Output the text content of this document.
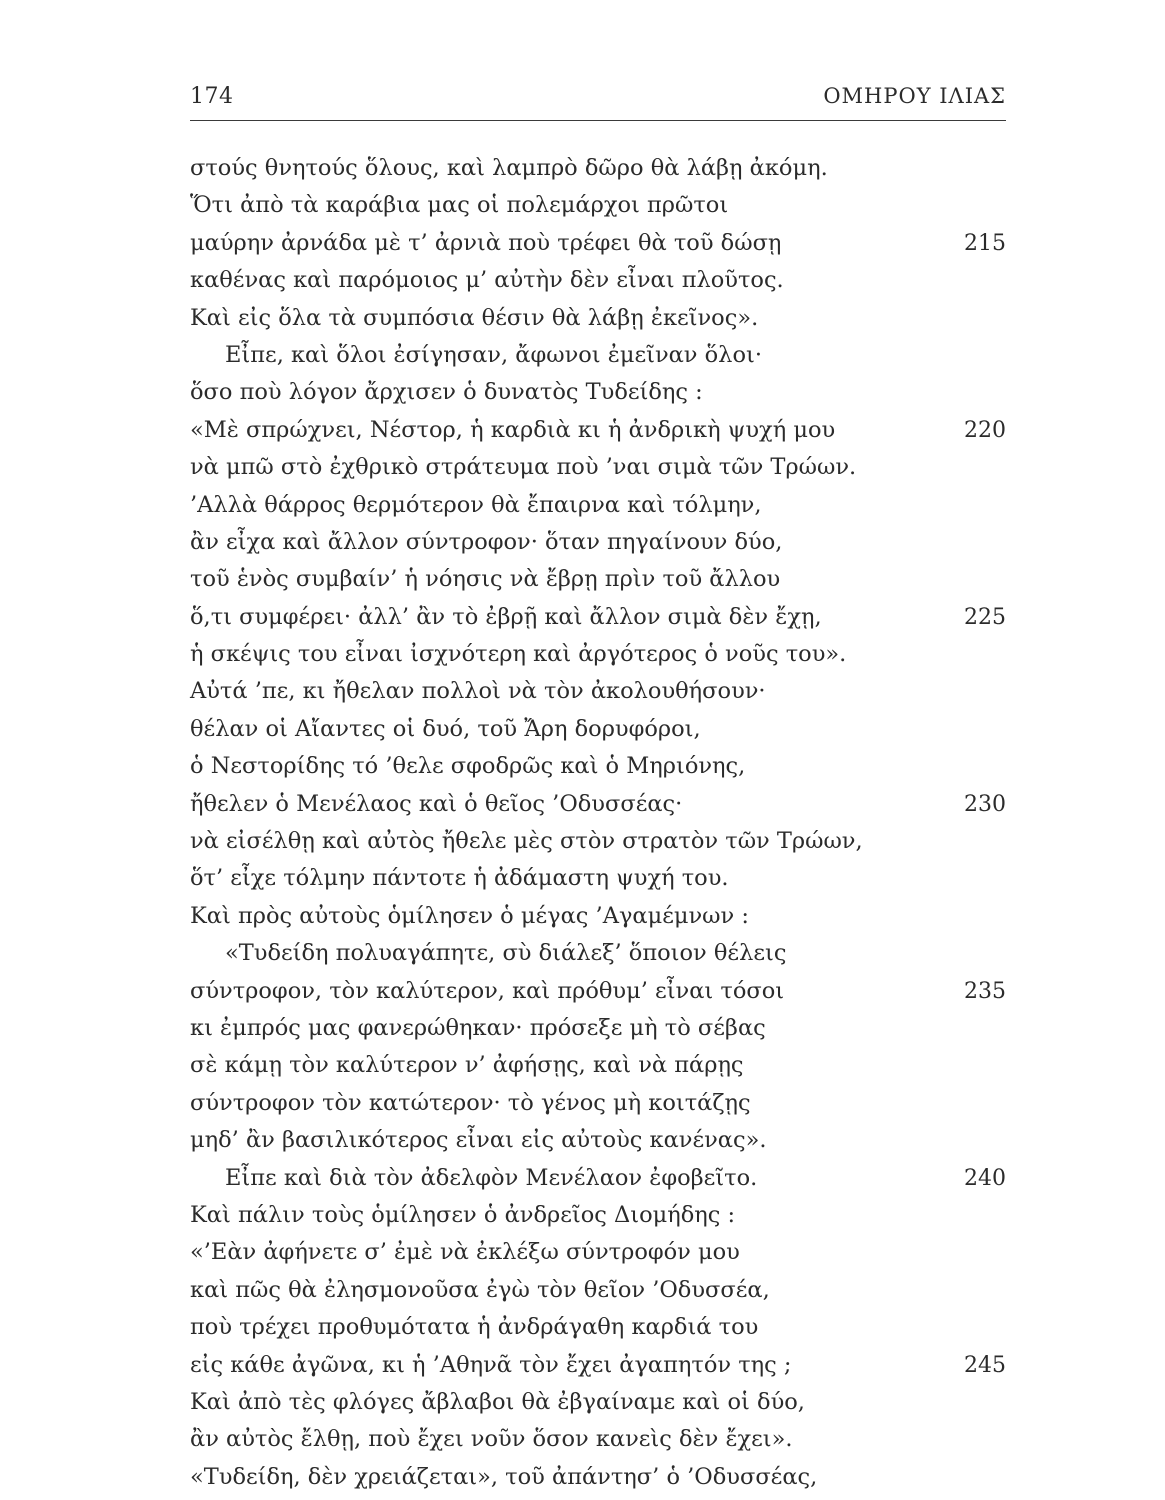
174	ΟΜΗΡΟΥ ΙΛΙΑΣ
στούς θνητούς ὅλους, καὶ λαμπρὸ δῶρο θὰ λάβῃ ἀκόμη.
Ὅτι ἀπὸ τὰ καράβια μας οἱ πολεμάρχοι πρῶτοι
μαύρην ἀρνάδα μὲ τ’ ἀρνιὰ ποὺ τρέφει θὰ τοῦ δώσῃ	215
καθένας καὶ παρόμοιος μ’ αὐτὴν δὲν εἶναι πλοῦτος.
Καὶ εἰς ὅλα τὰ συμπόσια θέσιν θὰ λάβῃ ἐκεῖνος».
Εἶπε, καὶ ὅλοι ἐσίγησαν, ἄφωνοι ἐμεῖναν ὅλοι·
ὅσο ποὺ λόγον ἄρχισεν ὁ δυνατὸς Τυδείδης :
«Μὲ σπρώχνει, Νέστορ, ἡ καρδιὰ κι ἡ ἀνδρικὴ ψυχή μου	220
νὰ μπῶ στὸ ἐχθρικὸ στράτευμα ποὺ ’ναι σιμὰ τῶν Τρώων.
’Αλλὰ θάρρος θερμότερον θὰ ἔπαιρνα καὶ τόλμην,
ἂν εἶχα καὶ ἄλλον σύντροφον· ὅταν πηγαίνουν δύο,
τοῦ ἑνὸς συμβαίν’ ἡ νόησις νὰ ἔβρῃ πρὶν τοῦ ἄλλου
ὅ,τι συμφέρει· ἀλλ’ ἂν τὸ ἐβρῇ καὶ ἄλλον σιμὰ δὲν ἔχῃ,	225
ἡ σκέψις του εἶναι ἰσχνότερη καὶ ἀργότερος ὁ νοῦς του».
Αὐτά ’πε, κι ἤθελαν πολλοὶ νὰ τὸν ἀκολουθήσουν·
θέλαν οἱ Αἴαντες οἱ δυό, τοῦ Ἄρη δορυφόροι,
ὁ Νεστορίδης τό ’θελε σφοδρῶς καὶ ὁ Μηριόνης,
ἤθελεν ὁ Μενέλαος καὶ ὁ θεῖος ’Οδυσσέας·	230
νὰ εἰσέλθῃ καὶ αὐτὸς ἤθελε μὲς στὸν στρατὸν τῶν Τρώων,
ὅτ’ εἶχε τόλμην πάντοτε ἡ ἀδάμαστη ψυχή του.
Καὶ πρὸς αὐτοὺς ὁμίλησεν ὁ μέγας ’Αγαμέμνων :
«Τυδείδη πολυαγάπητε, σὺ διάλεξ’ ὅποιον θέλεις
σύντροφον, τὸν καλύτερον, καὶ πρόθυμ’ εἶναι τόσοι	235
κι ἐμπρός μας φανερώθηκαν· πρόσεξε μὴ τὸ σέβας
σὲ κάμῃ τὸν καλύτερον ν’ ἀφήσῃς, καὶ νὰ πάρῃς
σύντροφον τὸν κατώτερον· τὸ γένος μὴ κοιτάζῃς
μηδ’ ἂν βασιλικότερος εἶναι εἰς αὐτοὺς κανένας».
Εἶπε καὶ διὰ τὸν ἀδελφὸν Μενέλαον ἐφοβεῖτο.	240
Καὶ πάλιν τοὺς ὁμίλησεν ὁ ἀνδρεῖος Διομήδης :
«’Εὰν ἀφήνετε σ’ ἐμὲ νὰ ἐκλέξω σύντροφόν μου
καὶ πῶς θὰ ἐλησμονοῦσα ἐγὼ τὸν θεῖον ’Οδυσσέα,
ποὺ τρέχει προθυμότατα ἡ ἀνδράγαθη καρδιά του
εἰς κάθε ἀγῶνα, κι ἡ ’Αθηνᾶ τὸν ἔχει ἀγαπητόν της ;	245
Καὶ ἀπὸ τὲς φλόγες ἄβλαβοι θὰ ἐβγαίναμε καὶ οἱ δύο,
ἂν αὐτὸς ἔλθῃ, ποὺ ἔχει νοῦν ὅσον κανεὶς δὲν ἔχει».
«Τυδείδη, δὲν χρειάζεται», τοῦ ἀπάντησ’ ὁ ’Οδυσσέας,
